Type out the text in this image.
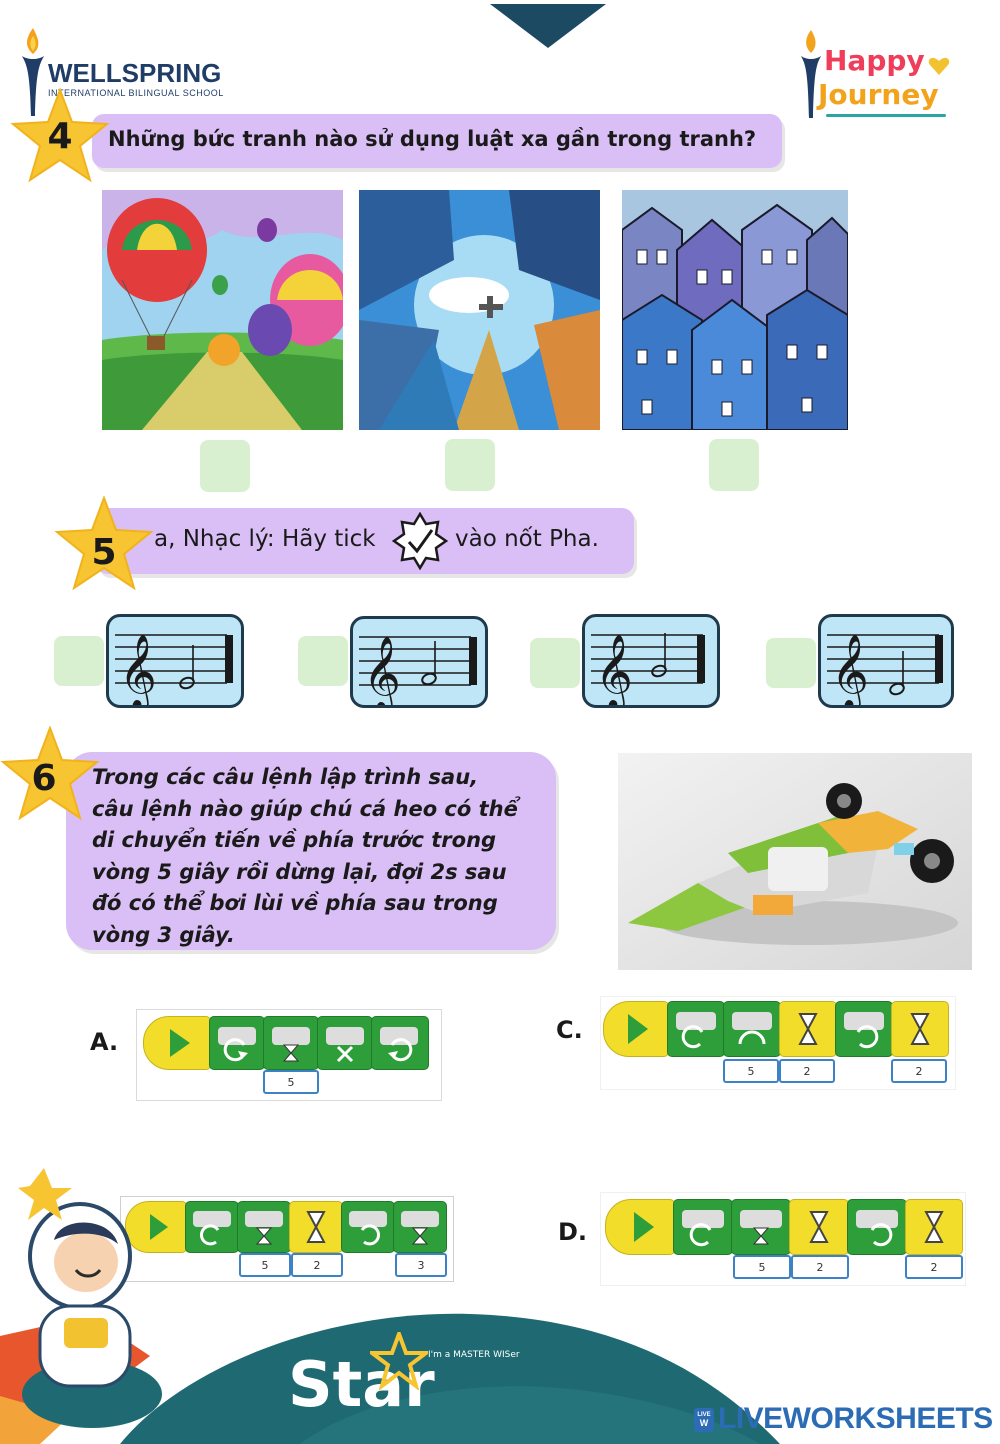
WELLSPRING
INTERNATIONAL BILINGUAL SCHOOL
Happy
Journey
Những bức tranh nào sử dụng luật xa gần trong tranh?
4
5	a, Nhạc lý: Hãy tick	vào nốt Pha.
𝄞	𝄞	𝄞	𝄞
6	Trong các câu lệnh lập trình sau,
câu lệnh nào giúp chú cá heo có thể
di chuyển tiến về phía trước trong
vòng 5 giây rồi dừng lại, đợi 2s sau
đó có thể bơi lùi về phía sau trong
vòng 3 giây.
A.
5
C.
5	2	2
5	2	3
D.
5	2	2
Star
I'm a MASTER WISer
LIVE
W LIVEWORKSHEETS
